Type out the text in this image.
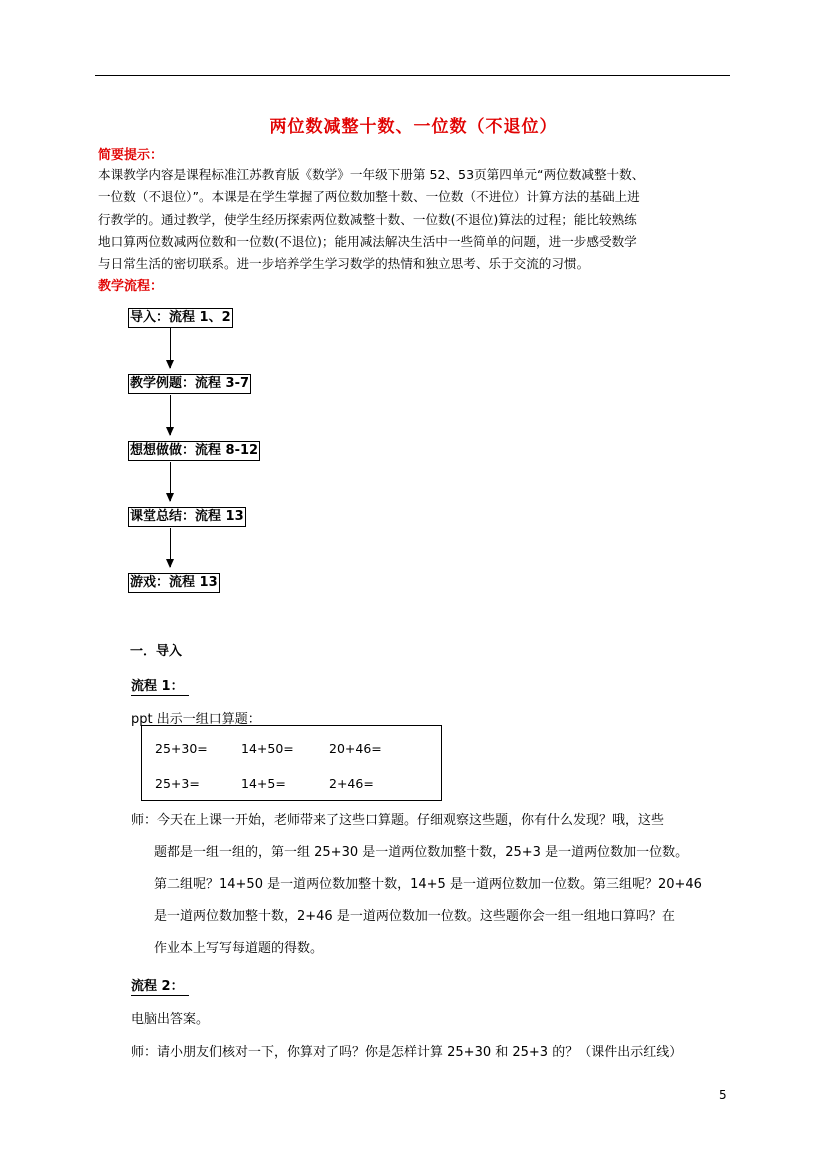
两位数减整十数、一位数（不退位）
简要提示：
本课教学内容是课程标准江苏教育版《数学》一年级下册第 52、53页第四单元“两位数减整十数、
一位数（不退位）”。本课是在学生掌握了两位数加整十数、一位数（不进位）计算方法的基础上进
行教学的。通过教学，使学生经历探索两位数减整十数、一位数(不退位)算法的过程；能比较熟练
地口算两位数减两位数和一位数(不退位)；能用减法解决生活中一些简单的问题，进一步感受数学
与日常生活的密切联系。进一步培养学生学习数学的热情和独立思考、乐于交流的习惯。
教学流程：
导入：流程 1、2
教学例题：流程 3-7
想想做做：流程 8-12
课堂总结：流程 13
游戏：流程 13
一．导入
流程 1：
ppt 出示一组口算题：
25+30=	14+50=	20+46=
25+3=	14+5=	2+46=
师：今天在上课一开始，老师带来了这些口算题。仔细观察这些题，你有什么发现？哦，这些
题都是一组一组的，第一组 25+30 是一道两位数加整十数，25+3 是一道两位数加一位数。
第二组呢？14+50 是一道两位数加整十数，14+5 是一道两位数加一位数。第三组呢？20+46
是一道两位数加整十数，2+46 是一道两位数加一位数。这些题你会一组一组地口算吗？在
作业本上写写每道题的得数。
流程 2：
电脑出答案。
师：请小朋友们核对一下，你算对了吗？你是怎样计算 25+30 和 25+3 的？（课件出示红线）
5
